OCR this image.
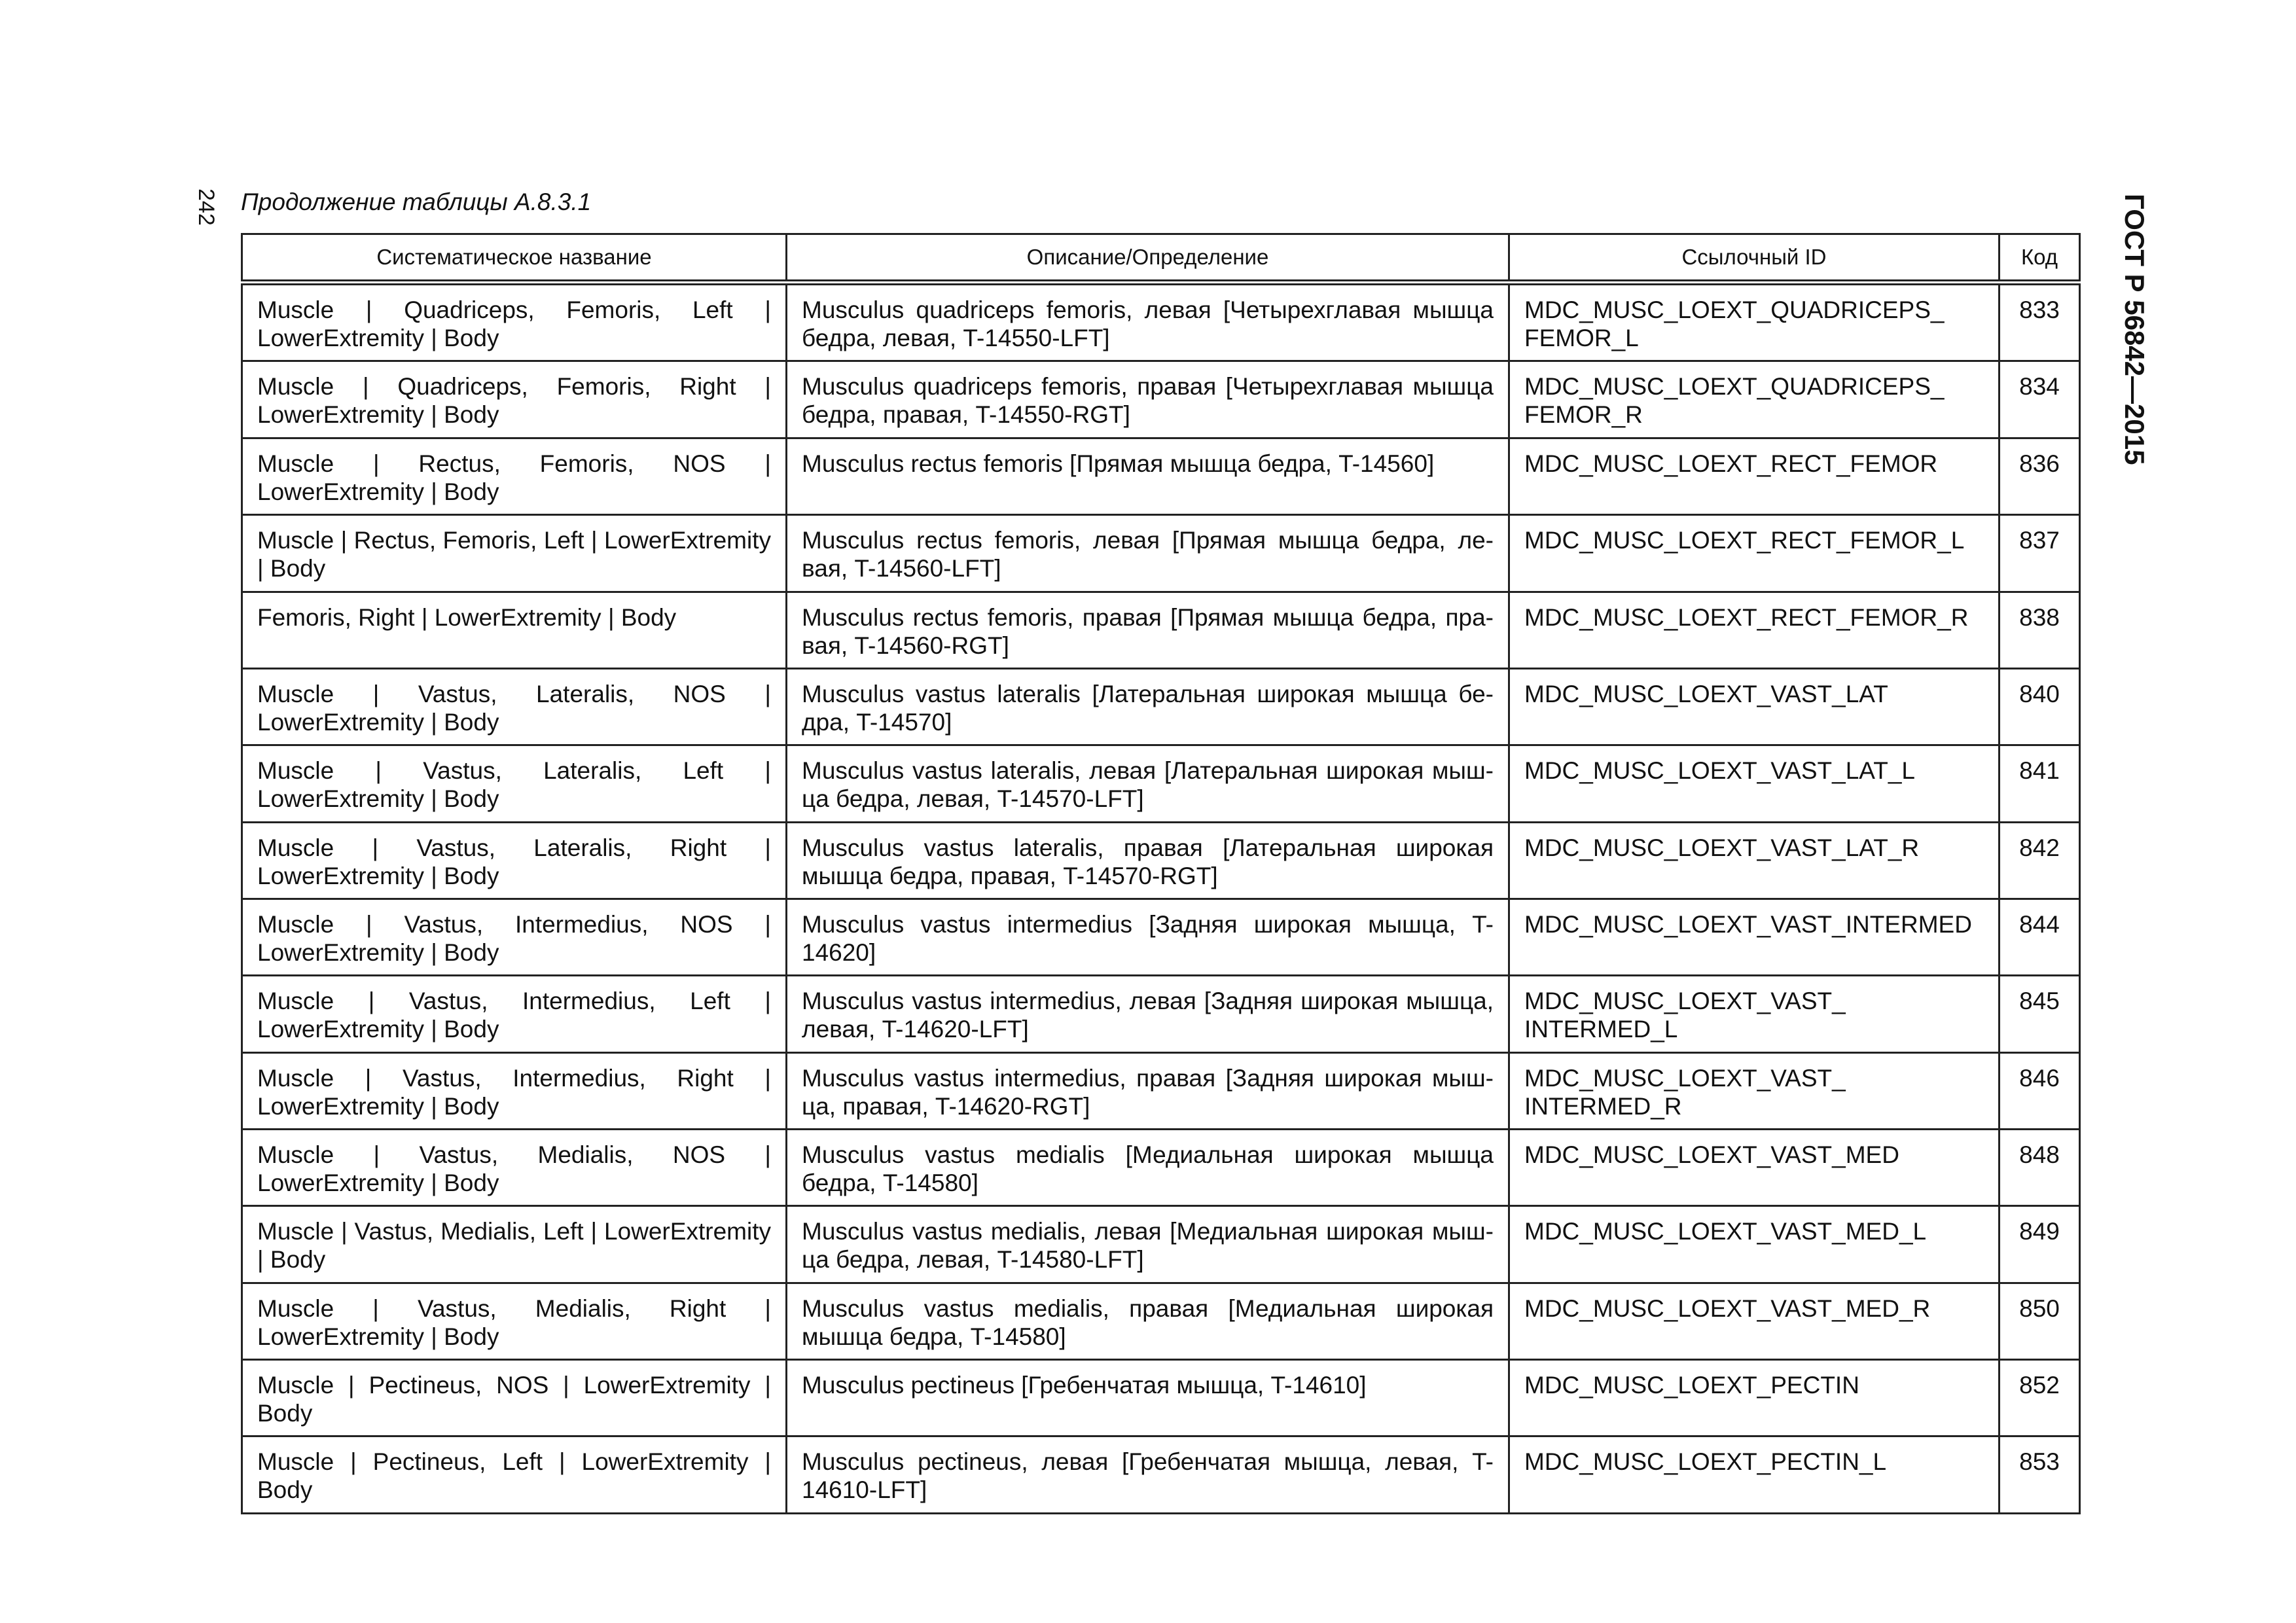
242 Продолжение таблицы А.8.3.1	ГОСТ Р 56842—2015
Систематическое название	Описание/Определение	Ссылочный ID	Код
Muscle | Quadriceps, Femoris, Left | LowerExtremity | Body	Musculus quadriceps femoris, левая [Четырехглавая мышца бедра, левая, T-14550-LFT]	MDC_MUSC_LOEXT_QUADRICEPS_ FEMOR_L	833
Muscle | Quadriceps, Femoris, Right | LowerExtremity | Body	Musculus quadriceps femoris, правая [Четырехглавая мышца бедра, правая, T-14550-RGT]	MDC_MUSC_LOEXT_QUADRICEPS_ FEMOR_R	834
Muscle | Rectus, Femoris, NOS | LowerExtremity | Body	Musculus rectus femoris [Прямая мышца бедра, T-14560]	MDC_MUSC_LOEXT_RECT_FEMOR	836
Muscle | Rectus, Femoris, Left | LowerExtremity | Body	Musculus rectus femoris, левая [Прямая мышца бедра, ле-вая, T-14560-LFT]	MDC_MUSC_LOEXT_RECT_FEMOR_L	837
Femoris, Right | LowerExtremity | Body	Musculus rectus femoris, правая [Прямая мышца бедра, пра-вая, T-14560-RGT]	MDC_MUSC_LOEXT_RECT_FEMOR_R	838
Muscle | Vastus, Lateralis, NOS | LowerExtremity | Body	Musculus vastus lateralis [Латеральная широкая мышца бе-дра, T-14570]	MDC_MUSC_LOEXT_VAST_LAT	840
Muscle | Vastus, Lateralis, Left | LowerExtremity | Body	Musculus vastus lateralis, левая [Латеральная широкая мыш-ца бедра, левая, T-14570-LFT]	MDC_MUSC_LOEXT_VAST_LAT_L	841
Muscle | Vastus, Lateralis, Right | LowerExtremity | Body	Musculus vastus lateralis, правая [Латеральная широкая мышца бедра, правая, T-14570-RGT]	MDC_MUSC_LOEXT_VAST_LAT_R	842
Muscle | Vastus, Intermedius, NOS | LowerExtremity | Body	Musculus vastus intermedius [Задняя широкая мышца, T-14620]	MDC_MUSC_LOEXT_VAST_INTERMED	844
Muscle | Vastus, Intermedius, Left | LowerExtremity | Body	Musculus vastus intermedius, левая [Задняя широкая мышца, левая, T-14620-LFT]	MDC_MUSC_LOEXT_VAST_ INTERMED_L	845
Muscle | Vastus, Intermedius, Right | LowerExtremity | Body	Musculus vastus intermedius, правая [Задняя широкая мыш-ца, правая, T-14620-RGT]	MDC_MUSC_LOEXT_VAST_ INTERMED_R	846
Muscle | Vastus, Medialis, NOS | LowerExtremity | Body	Musculus vastus medialis [Медиальная широкая мышца бедра, T-14580]	MDC_MUSC_LOEXT_VAST_MED	848
Muscle | Vastus, Medialis, Left | LowerExtremity | Body	Musculus vastus medialis, левая [Медиальная широкая мыш-ца бедра, левая, T-14580-LFT]	MDC_MUSC_LOEXT_VAST_MED_L	849
Muscle | Vastus, Medialis, Right | LowerExtremity | Body	Musculus vastus medialis, правая [Медиальная широкая мышца бедра, T-14580]	MDC_MUSC_LOEXT_VAST_MED_R	850
Muscle | Pectineus, NOS | LowerExtremity | Body	Musculus pectineus [Гребенчатая мышца, T-14610]	MDC_MUSC_LOEXT_PECTIN	852
Muscle | Pectineus, Left | LowerExtremity | Body	Musculus pectineus, левая [Гребенчатая мышца, левая, T-14610-LFT]	MDC_MUSC_LOEXT_PECTIN_L	853
